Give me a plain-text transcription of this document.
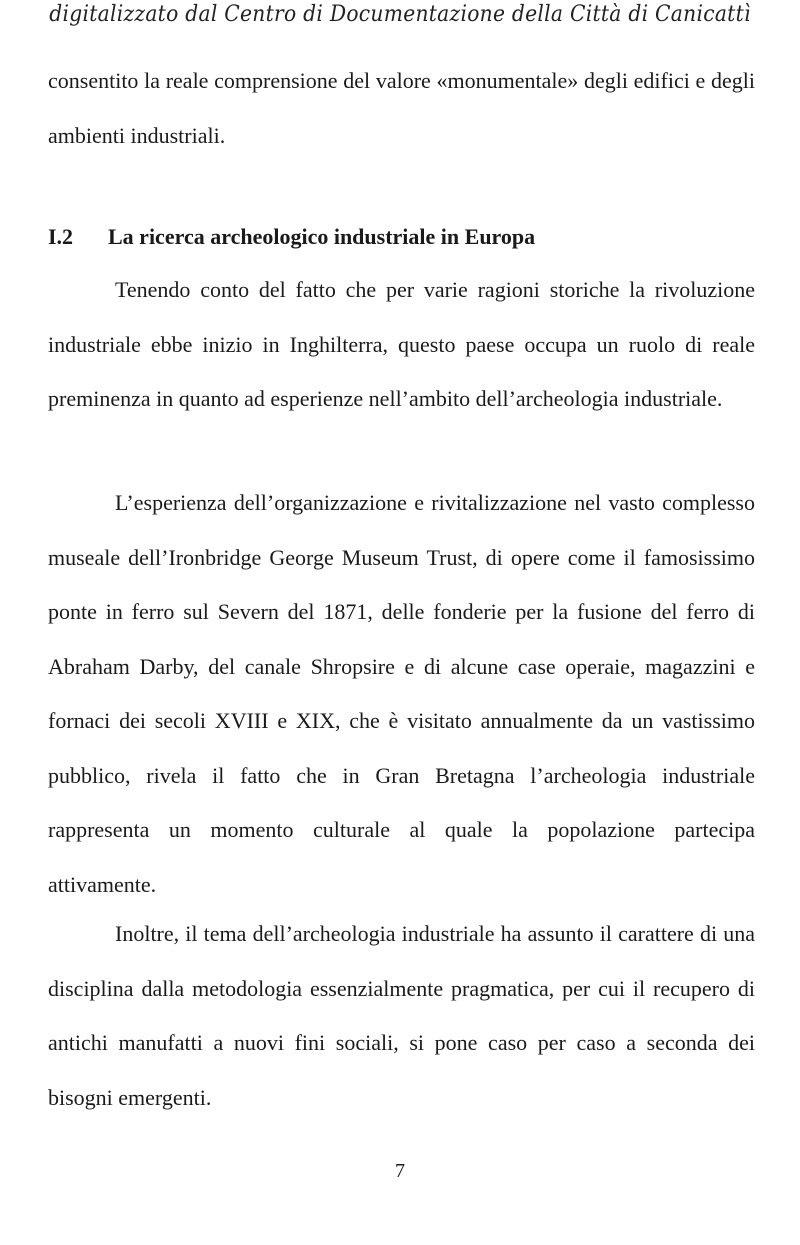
digitalizzato dal Centro di Documentazione della Città di Canicattì

consentito la reale comprensione del valore «monumentale» degli edifici e degli ambienti industriali.

I.2 La ricerca archeologico industriale in Europa

Tenendo conto del fatto che per varie ragioni storiche la rivoluzione industriale ebbe inizio in Inghilterra, questo paese occupa un ruolo di reale preminenza in quanto ad esperienze nell’ambito dell’archeologia industriale.

L’esperienza dell’organizzazione e rivitalizzazione nel vasto complesso museale dell’Ironbridge George Museum Trust, di opere come il famosissimo ponte in ferro sul Severn del 1871, delle fonderie per la fusione del ferro di Abraham Darby, del canale Shropsire e di alcune case operaie, magazzini e fornaci dei secoli XVIII e XIX, che è visitato annualmente da un vastissimo pubblico, rivela il fatto che in Gran Bretagna l’archeologia industriale rappresenta un momento culturale al quale la popolazione partecipa attivamente.

Inoltre, il tema dell’archeologia industriale ha assunto il carattere di una disciplina dalla metodologia essenzialmente pragmatica, per cui il recupero di antichi manufatti a nuovi fini sociali, si pone caso per caso a seconda dei bisogni emergenti.

7
